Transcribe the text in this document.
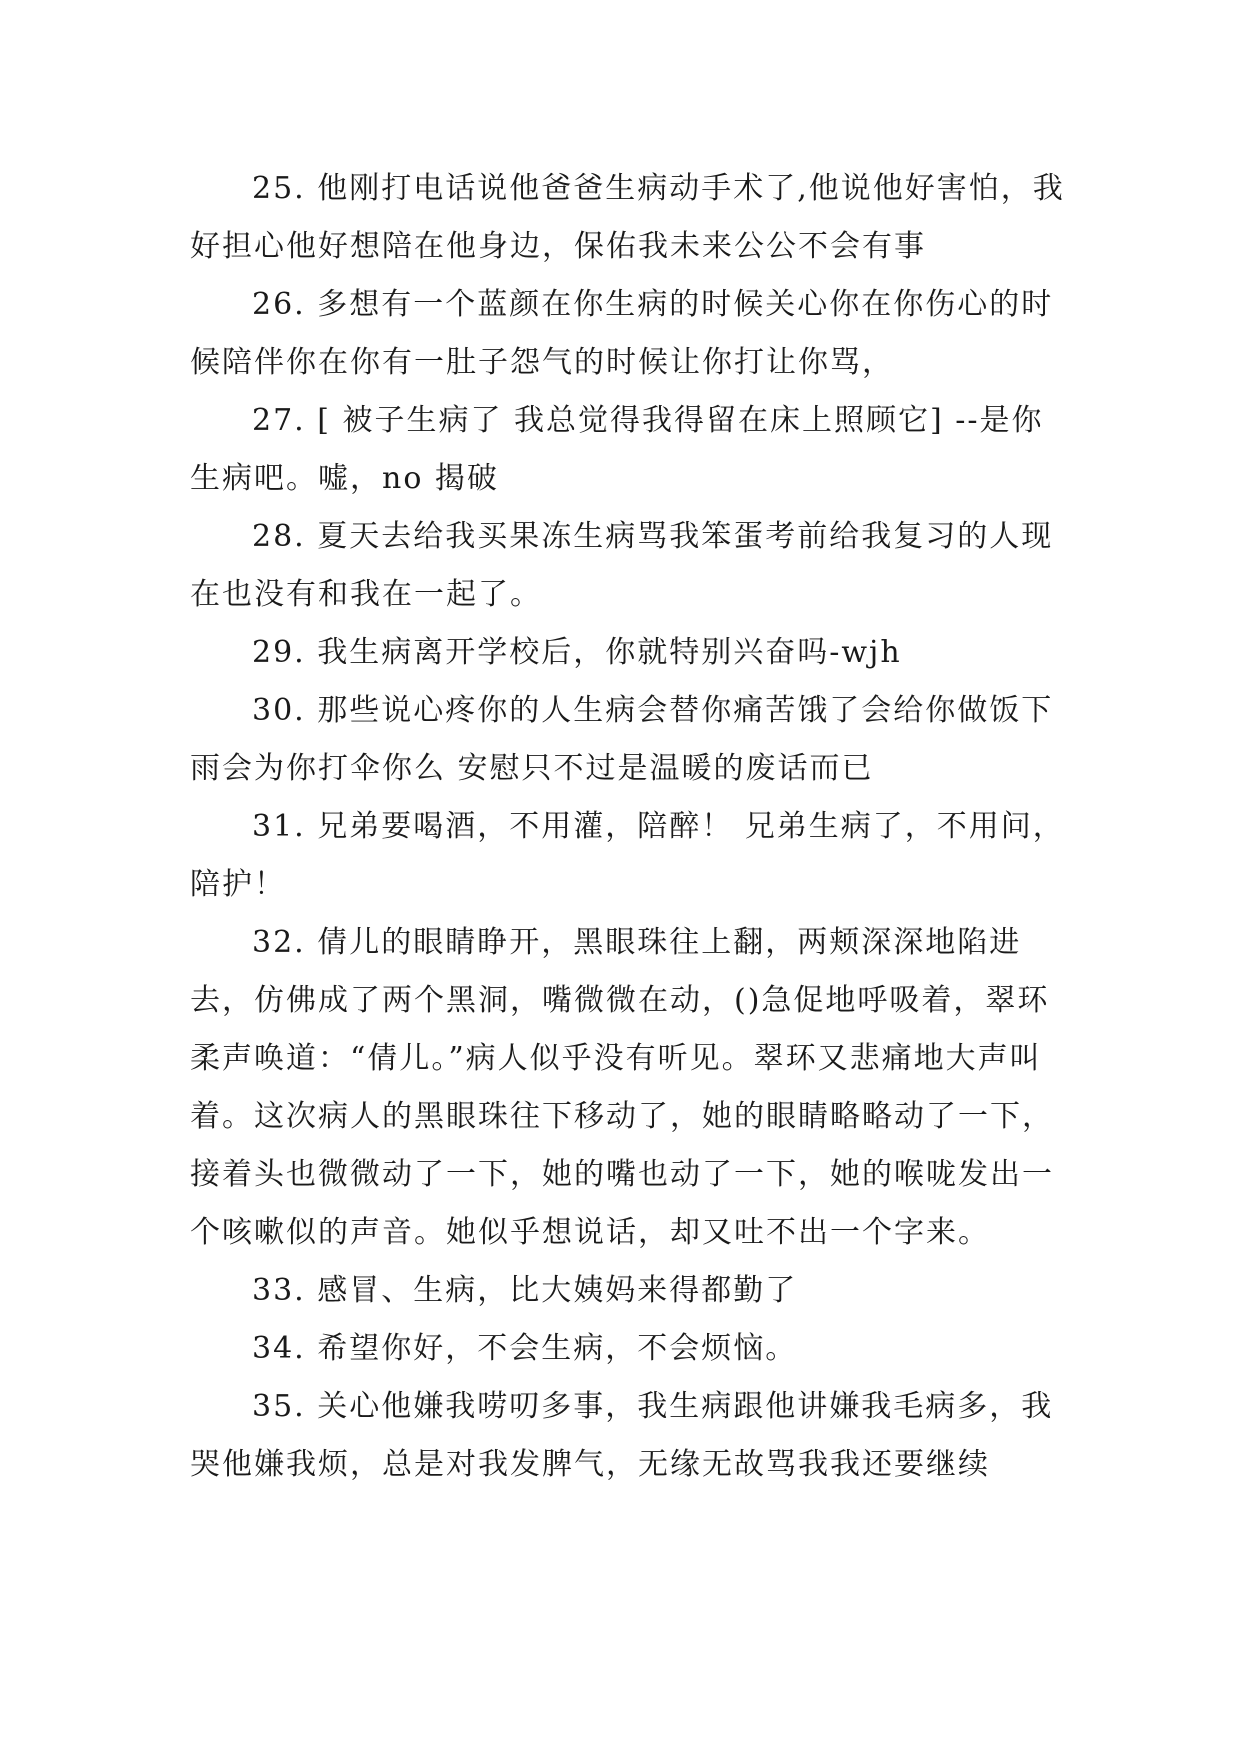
25. 他刚打电话说他爸爸生病动手术了,他说他好害怕，我好担心他好想陪在他身边，保佑我未来公公不会有事

26. 多想有一个蓝颜在你生病的时候关心你在你伤心的时候陪伴你在你有一肚子怨气的时候让你打让你骂，

27. [ 被子生病了 我总觉得我得留在床上照顾它] --是你生病吧。嘘，no 揭破

28. 夏天去给我买果冻生病骂我笨蛋考前给我复习的人现在也没有和我在一起了。

29. 我生病离开学校后，你就特别兴奋吗-wjh

30. 那些说心疼你的人生病会替你痛苦饿了会给你做饭下雨会为你打伞你么 安慰只不过是温暖的废话而已

31. 兄弟要喝酒，不用灌，陪醉！ 兄弟生病了，不用问，陪护！

32. 倩儿的眼睛睁开，黑眼珠往上翻，两颊深深地陷进去，仿佛成了两个黑洞，嘴微微在动，()急促地呼吸着，翠环柔声唤道：“倩儿。”病人似乎没有听见。翠环又悲痛地大声叫着。这次病人的黑眼珠往下移动了，她的眼睛略略动了一下，接着头也微微动了一下，她的嘴也动了一下，她的喉咙发出一个咳嗽似的声音。她似乎想说话，却又吐不出一个字来。

33. 感冒、生病，比大姨妈来得都勤了

34. 希望你好，不会生病，不会烦恼。

35. 关心他嫌我唠叨多事，我生病跟他讲嫌我毛病多，我哭他嫌我烦，总是对我发脾气，无缘无故骂我我还要继续
